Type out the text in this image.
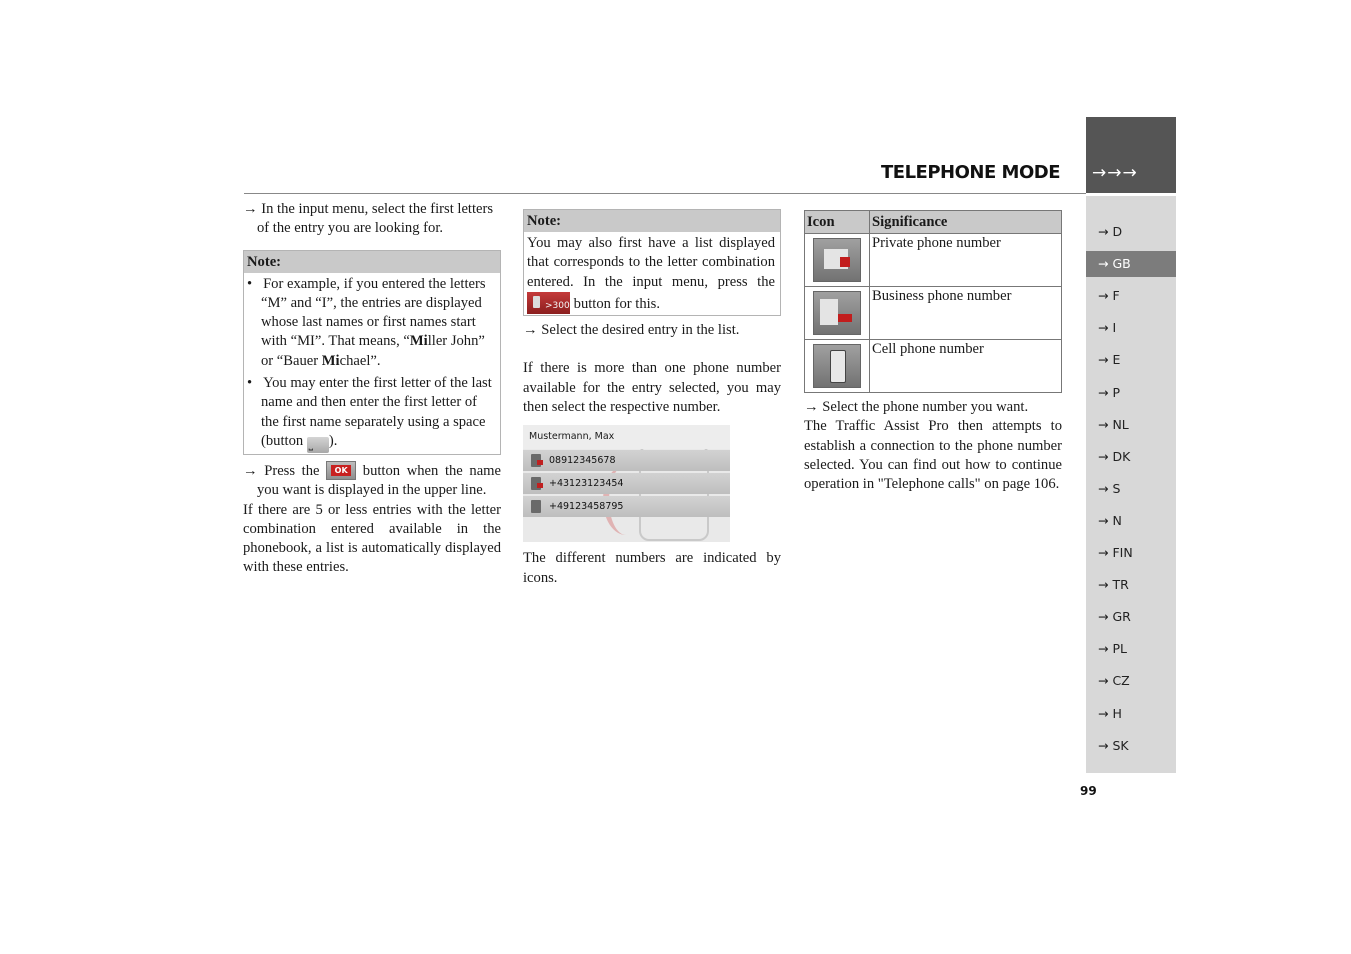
TELEPHONE MODE →→→
→ D
→ GB
→ F
→ I
→ E
→ P
→ NL
→ DK
→ S
→ N
→ FIN
→ TR
→ GR
→ PL
→ CZ
→ H
→ SK
99

→ In the input menu, select the first letters of the entry you are looking for.

Note:

•   For example, if you entered the letters “M” and “I”, the entries are displayed whose last names or first names start with “MI”. That means, “Miller John” or “Bauer Michael”.

•   You may enter the first letter of the last name and then enter the first letter of the first name separately using a space (button ⎵ ).

→ Press the	OK button when the name you want is displayed in the upper line.

If there are 5 or less entries with the letter combination entered available in the phonebook, a list is automatically displayed with these entries.

Note:
You may also first have a list displayed that corresponds to the letter combination entered. In the input menu, press the
>300 button for this.

→ Select the desired entry in the list.

If there is more than one phone number available for the entry selected, you may then select the respective number.

Mustermann, Max
08912345678
+43123123454
+49123458795

The different numbers are indicated by icons.

Icon	Significance

	Private phone number

	Business phone number

	Cell phone number

→ Select the phone number you want.

The Traffic Assist Pro then attempts to establish a connection to the phone number selected. You can find out how to continue operation in "Telephone calls" on page 106.
